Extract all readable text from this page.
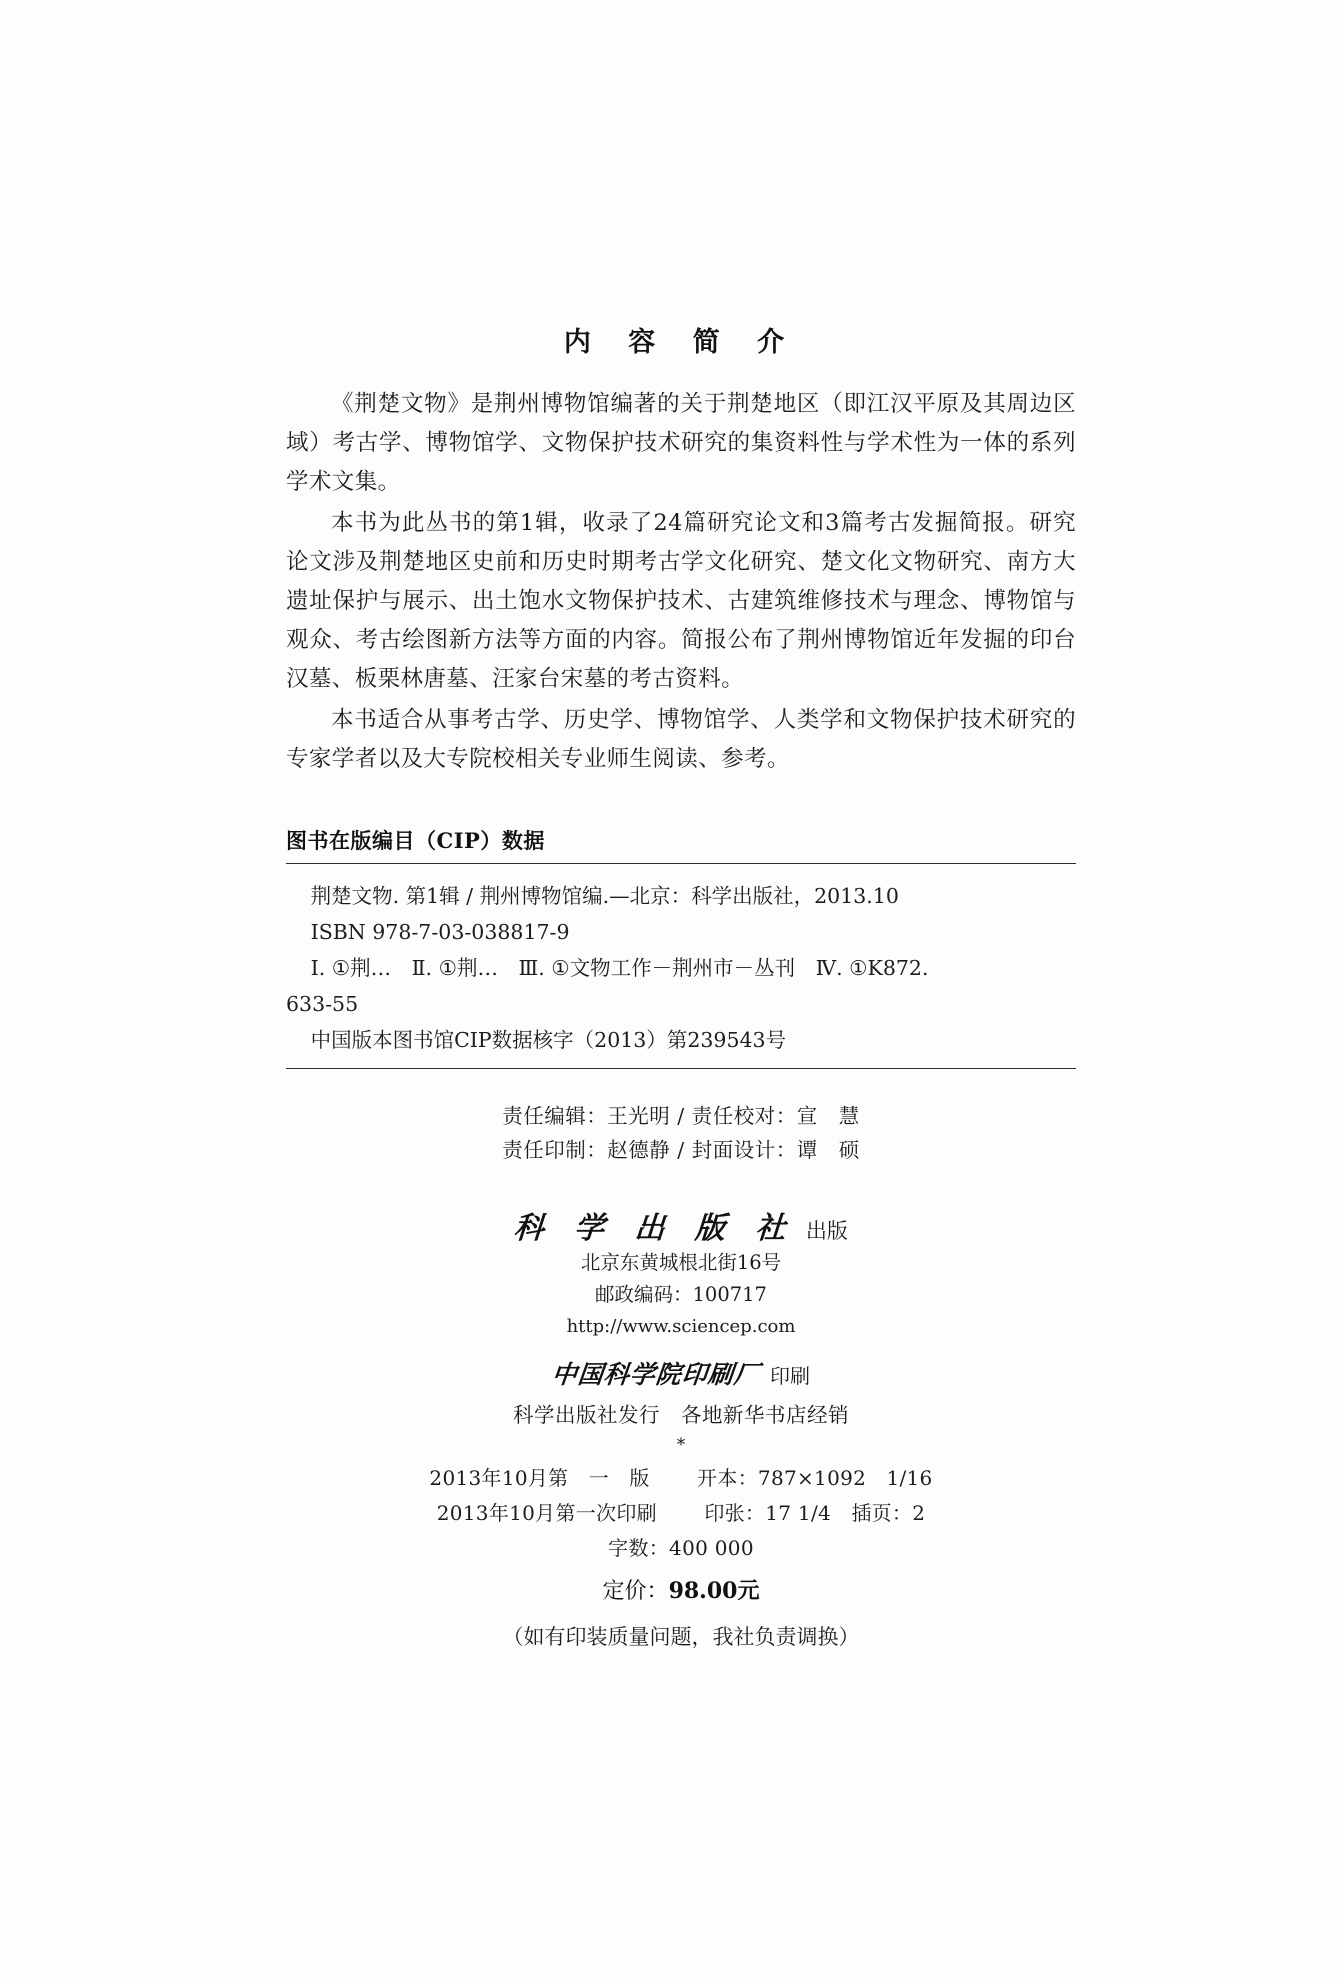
内 容 简 介

《荆楚文物》是荆州博物馆编著的关于荆楚地区（即江汉平原及其周边区域）考古学、博物馆学、文物保护技术研究的集资料性与学术性为一体的系列学术文集。

本书为此丛书的第1辑，收录了24篇研究论文和3篇考古发掘简报。研究论文涉及荆楚地区史前和历史时期考古学文化研究、楚文化文物研究、南方大遗址保护与展示、出土饱水文物保护技术、古建筑维修技术与理念、博物馆与观众、考古绘图新方法等方面的内容。简报公布了荆州博物馆近年发掘的印台汉墓、板栗林唐墓、汪家台宋墓的考古资料。

本书适合从事考古学、历史学、博物馆学、人类学和文物保护技术研究的专家学者以及大专院校相关专业师生阅读、参考。

图书在版编目（CIP）数据
荆楚文物. 第1辑 / 荆州博物馆编.—北京：科学出版社，2013.10
ISBN 978-7-03-038817-9
Ⅰ. ①荆…　Ⅱ. ①荆…　Ⅲ. ①文物工作－荆州市－丛刊　Ⅳ. ①K872.
633-55
中国版本图书馆CIP数据核字（2013）第239543号
责任编辑：王光明 / 责任校对：宣　慧
责任印制：赵德静 / 封面设计：谭　硕
科 学 出 版 社 出版
北京东黄城根北街16号
邮政编码：100717
http://www.sciencep.com
中国科学院印刷厂 印刷
科学出版社发行　各地新华书店经销
*
2013年10月第　一　版 开本：787×1092　1/16
2013年10月第一次印刷 印张：17 1/4　插页：2
字数：400 000
定价：98.00元
（如有印装质量问题，我社负责调换）
